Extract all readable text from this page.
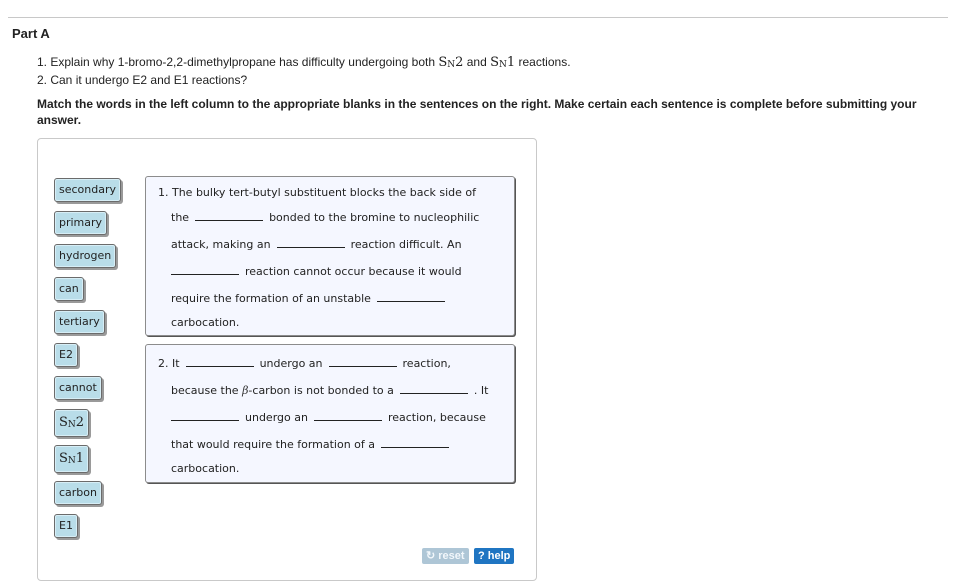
Part A
1. Explain why 1-bromo-2,2-dimethylpropane has difficulty undergoing both $S_N2$ and $S_N1$ reactions.
2. Can it undergo E2 and E1 reactions?
Match the words in the left column to the appropriate blanks in the sentences on the right. Make certain each sentence is complete before submitting your answer.
secondary
primary
hydrogen
can
tertiary
E2
cannot
$S_N2$
$S_N1$
carbon
E1
1. The bulky tert-butyl substituent blocks the back side of
the	bonded to the bromine to nucleophilic
attack, making an	reaction difficult. An
reaction cannot occur because it would
require the formation of an unstable
carbocation.
2. It	undergo an	reaction,
because the β-carbon is not bonded to a	. It
undergo an	reaction, because
that would require the formation of a
carbocation.
↻ reset	? help
